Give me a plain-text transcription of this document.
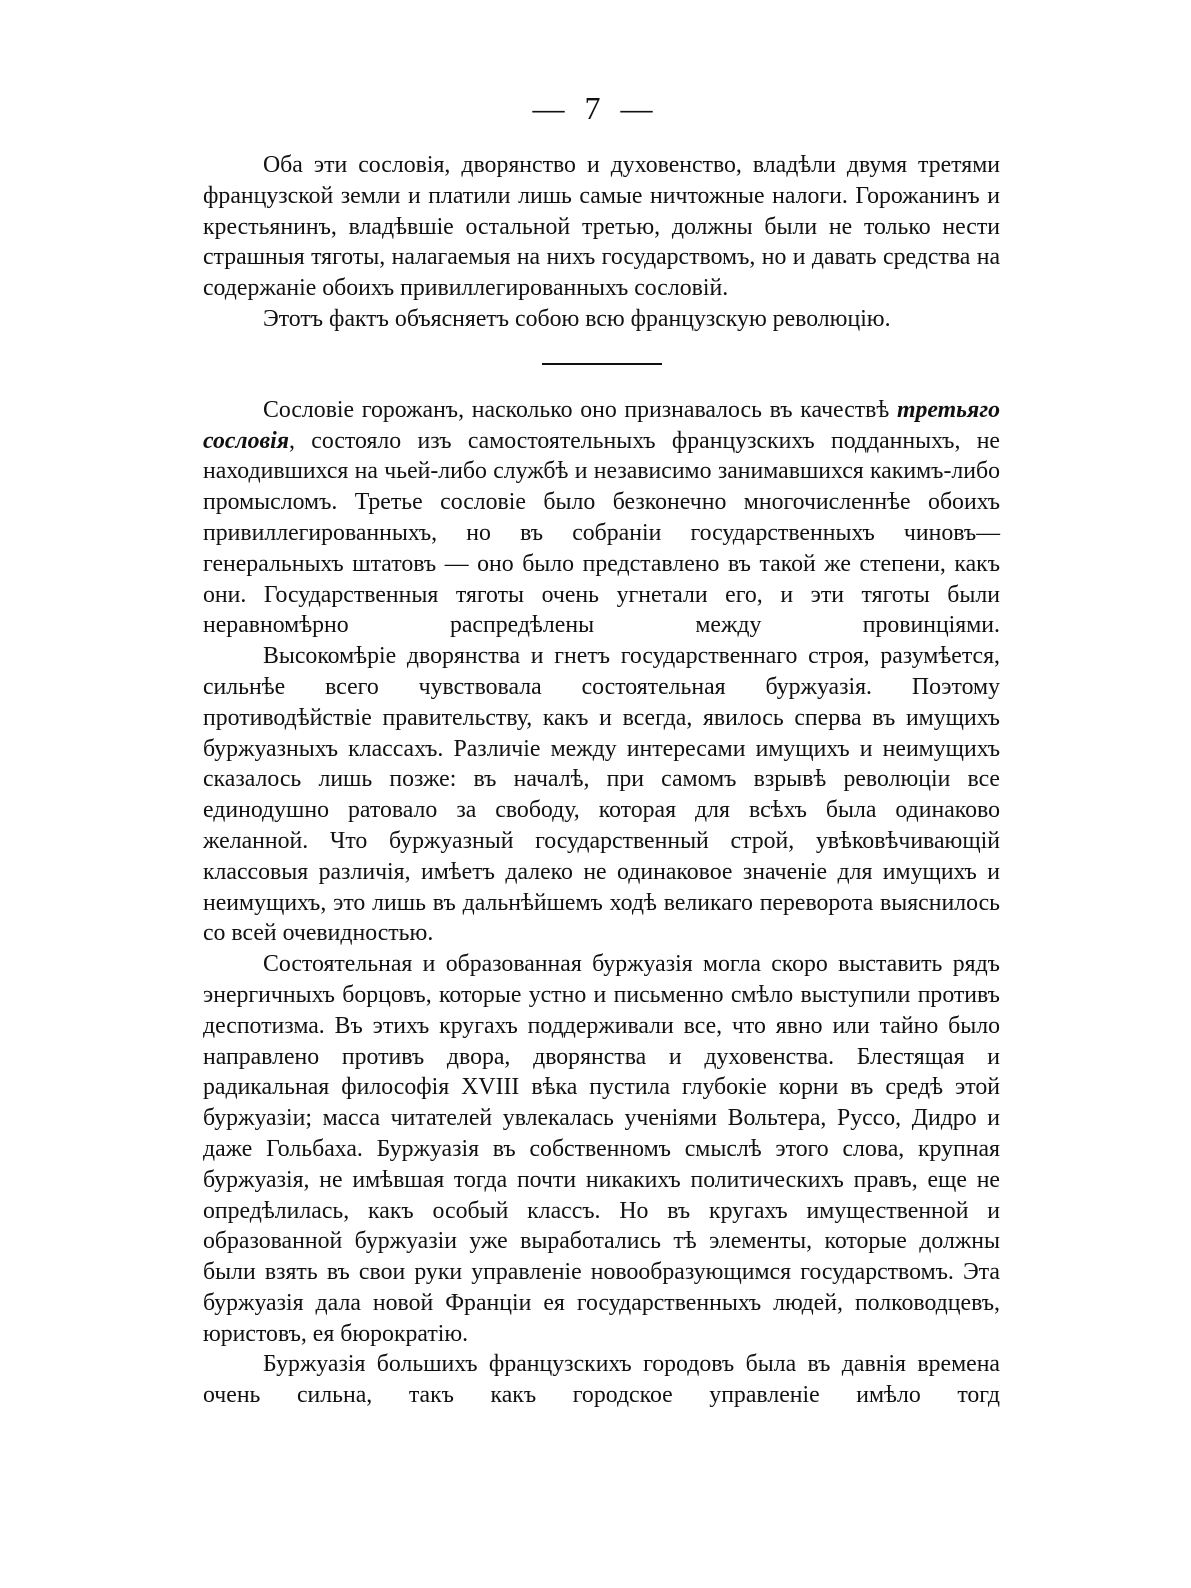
— 7 —

Оба эти сословія, дворянство и духовенство, владѣли двумя третями французской земли и платили лишь самые ничтожные налоги. Горожанинъ и крестьянинъ, владѣвшіе остальной третью, должны были не только нести страшныя тяготы, налагаемыя на нихъ государствомъ, но и давать средства на содержаніе обоихъ привиллегированныхъ сословій.

Этотъ фактъ объясняетъ собою всю французскую революцію.

Сословіе горожанъ, насколько оно признавалось въ качествѣ третьяго сословія, состояло изъ самостоятельныхъ французскихъ подданныхъ, не находившихся на чьей-либо службѣ и независимо занимавшихся какимъ-либо промысломъ. Третье сословіе было безконечно многочисленнѣе обоихъ привиллегированныхъ, но въ собраніи государственныхъ чиновъ—генеральныхъ штатовъ — оно было представлено въ такой же степени, какъ они. Государственныя тяготы очень угнетали его, и эти тяготы были неравномѣрно распредѣлены между провинціями.

Высокомѣріе дворянства и гнетъ государственнаго строя, разумѣется, сильнѣе всего чувствовала состоятельная буржуазія. Поэтому противодѣйствіе правительству, какъ и всегда, явилось сперва въ имущихъ буржуазныхъ классахъ. Различіе между интересами имущихъ и неимущихъ сказалось лишь позже: въ началѣ, при самомъ взрывѣ революціи все единодушно ратовало за свободу, которая для всѣхъ была одинаково желанной. Что буржуазный государственный строй, увѣковѣчивающій классовыя различія, имѣетъ далеко не одинаковое значеніе для имущихъ и неимущихъ, это лишь въ дальнѣйшемъ ходѣ великаго переворота выяснилось со всей очевидностью.

Состоятельная и образованная буржуазія могла скоро выставить рядъ энергичныхъ борцовъ, которые устно и письменно смѣло выступили противъ деспотизма. Въ этихъ кругахъ поддерживали все, что явно или тайно было направлено противъ двора, дворянства и духовенства. Блестящая и радикальная философія XVIII вѣка пустила глубокіе корни въ средѣ этой буржуазіи; масса читателей увлекалась ученіями Вольтера, Руссо, Дидро и даже Гольбаха. Буржуазія въ собственномъ смыслѣ этого слова, крупная буржуазія, не имѣвшая тогда почти никакихъ политическихъ правъ, еще не опредѣлилась, какъ особый классъ. Но въ кругахъ имущественной и образованной буржуазіи уже выработались тѣ элементы, которые должны были взять въ свои руки управленіе новообразующимся государствомъ. Эта буржуазія дала новой Франціи ея государственныхъ людей, полководцевъ, юристовъ, ея бюрократію.

Буржуазія большихъ французскихъ городовъ была въ давнія времена очень сильна, такъ какъ городское управленіе имѣло тогд
